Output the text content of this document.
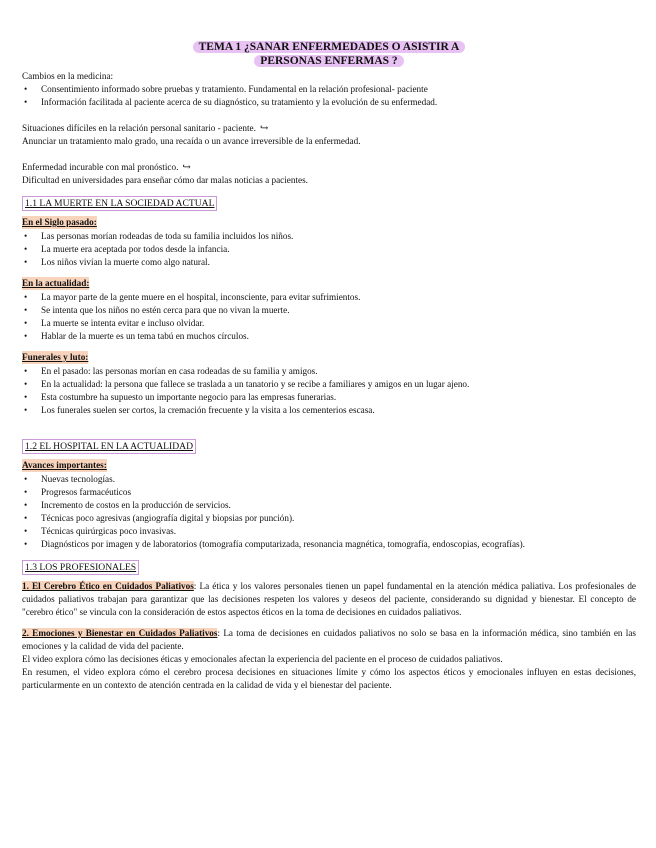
TEMA 1 ¿SANAR ENFERMEDADES O ASISTIR A
PERSONAS ENFERMAS ?

Cambios en la medicina:

• Consentimiento informado sobre pruebas y tratamiento. Fundamental en la relación profesional- paciente
• Información facilitada al paciente acerca de su diagnóstico, su tratamiento y la evolución de su enfermedad.

Situaciones difíciles en la relación personal sanitario - paciente. ↪

Anunciar un tratamiento malo grado, una recaída o un avance irreversible de la enfermedad.

Enfermedad incurable con mal pronóstico. ↪

Dificultad en universidades para enseñar cómo dar malas noticias a pacientes.

1.1 LA MUERTE EN LA SOCIEDAD ACTUAL
En el Siglo pasado:
• Las personas morían rodeadas de toda su familia incluidos los niños.
• La muerte era aceptada por todos desde la infancia.
• Los niños vivían la muerte como algo natural.
En la actualidad:
• La mayor parte de la gente muere en el hospital, inconsciente, para evitar sufrimientos.
• Se intenta que los niños no estén cerca para que no vivan la muerte.
• La muerte se intenta evitar e incluso olvidar.
• Hablar de la muerte es un tema tabú en muchos círculos.
Funerales y luto:
• En el pasado: las personas morían en casa rodeadas de su familia y amigos.
• En la actualidad: la persona que fallece se traslada a un tanatorio y se recibe a familiares y amigos en un lugar ajeno.
• Esta costumbre ha supuesto un importante negocio para las empresas funerarias.
• Los funerales suelen ser cortos, la cremación frecuente y la visita a los cementerios escasa.
1.2 EL HOSPITAL EN LA ACTUALIDAD
Avances importantes:
• Nuevas tecnologías.
• Progresos farmacéuticos
• Incremento de costos en la producción de servicios.
• Técnicas poco agresivas (angiografía digital y biopsias por punción).
• Técnicas quirúrgicas poco invasivas.
• Diagnósticos por imagen y de laboratorios (tomografía computarizada, resonancia magnética, tomografía, endoscopias, ecografías).
1.3 LOS PROFESIONALES

1. El Cerebro Ético en Cuidados Paliativos: La ética y los valores personales tienen un papel fundamental en la atención médica paliativa. Los profesionales de cuidados paliativos trabajan para garantizar que las decisiones respeten los valores y deseos del paciente, considerando su dignidad y bienestar. El concepto de "cerebro ético" se vincula con la consideración de estos aspectos éticos en la toma de decisiones en cuidados paliativos.

2. Emociones y Bienestar en Cuidados Paliativos: La toma de decisiones en cuidados paliativos no solo se basa en la información médica, sino también en las emociones y la calidad de vida del paciente.

El video explora cómo las decisiones éticas y emocionales afectan la experiencia del paciente en el proceso de cuidados paliativos.

En resumen, el video explora cómo el cerebro procesa decisiones en situaciones límite y cómo los aspectos éticos y emocionales influyen en estas decisiones, particularmente en un contexto de atención centrada en la calidad de vida y el bienestar del paciente.
